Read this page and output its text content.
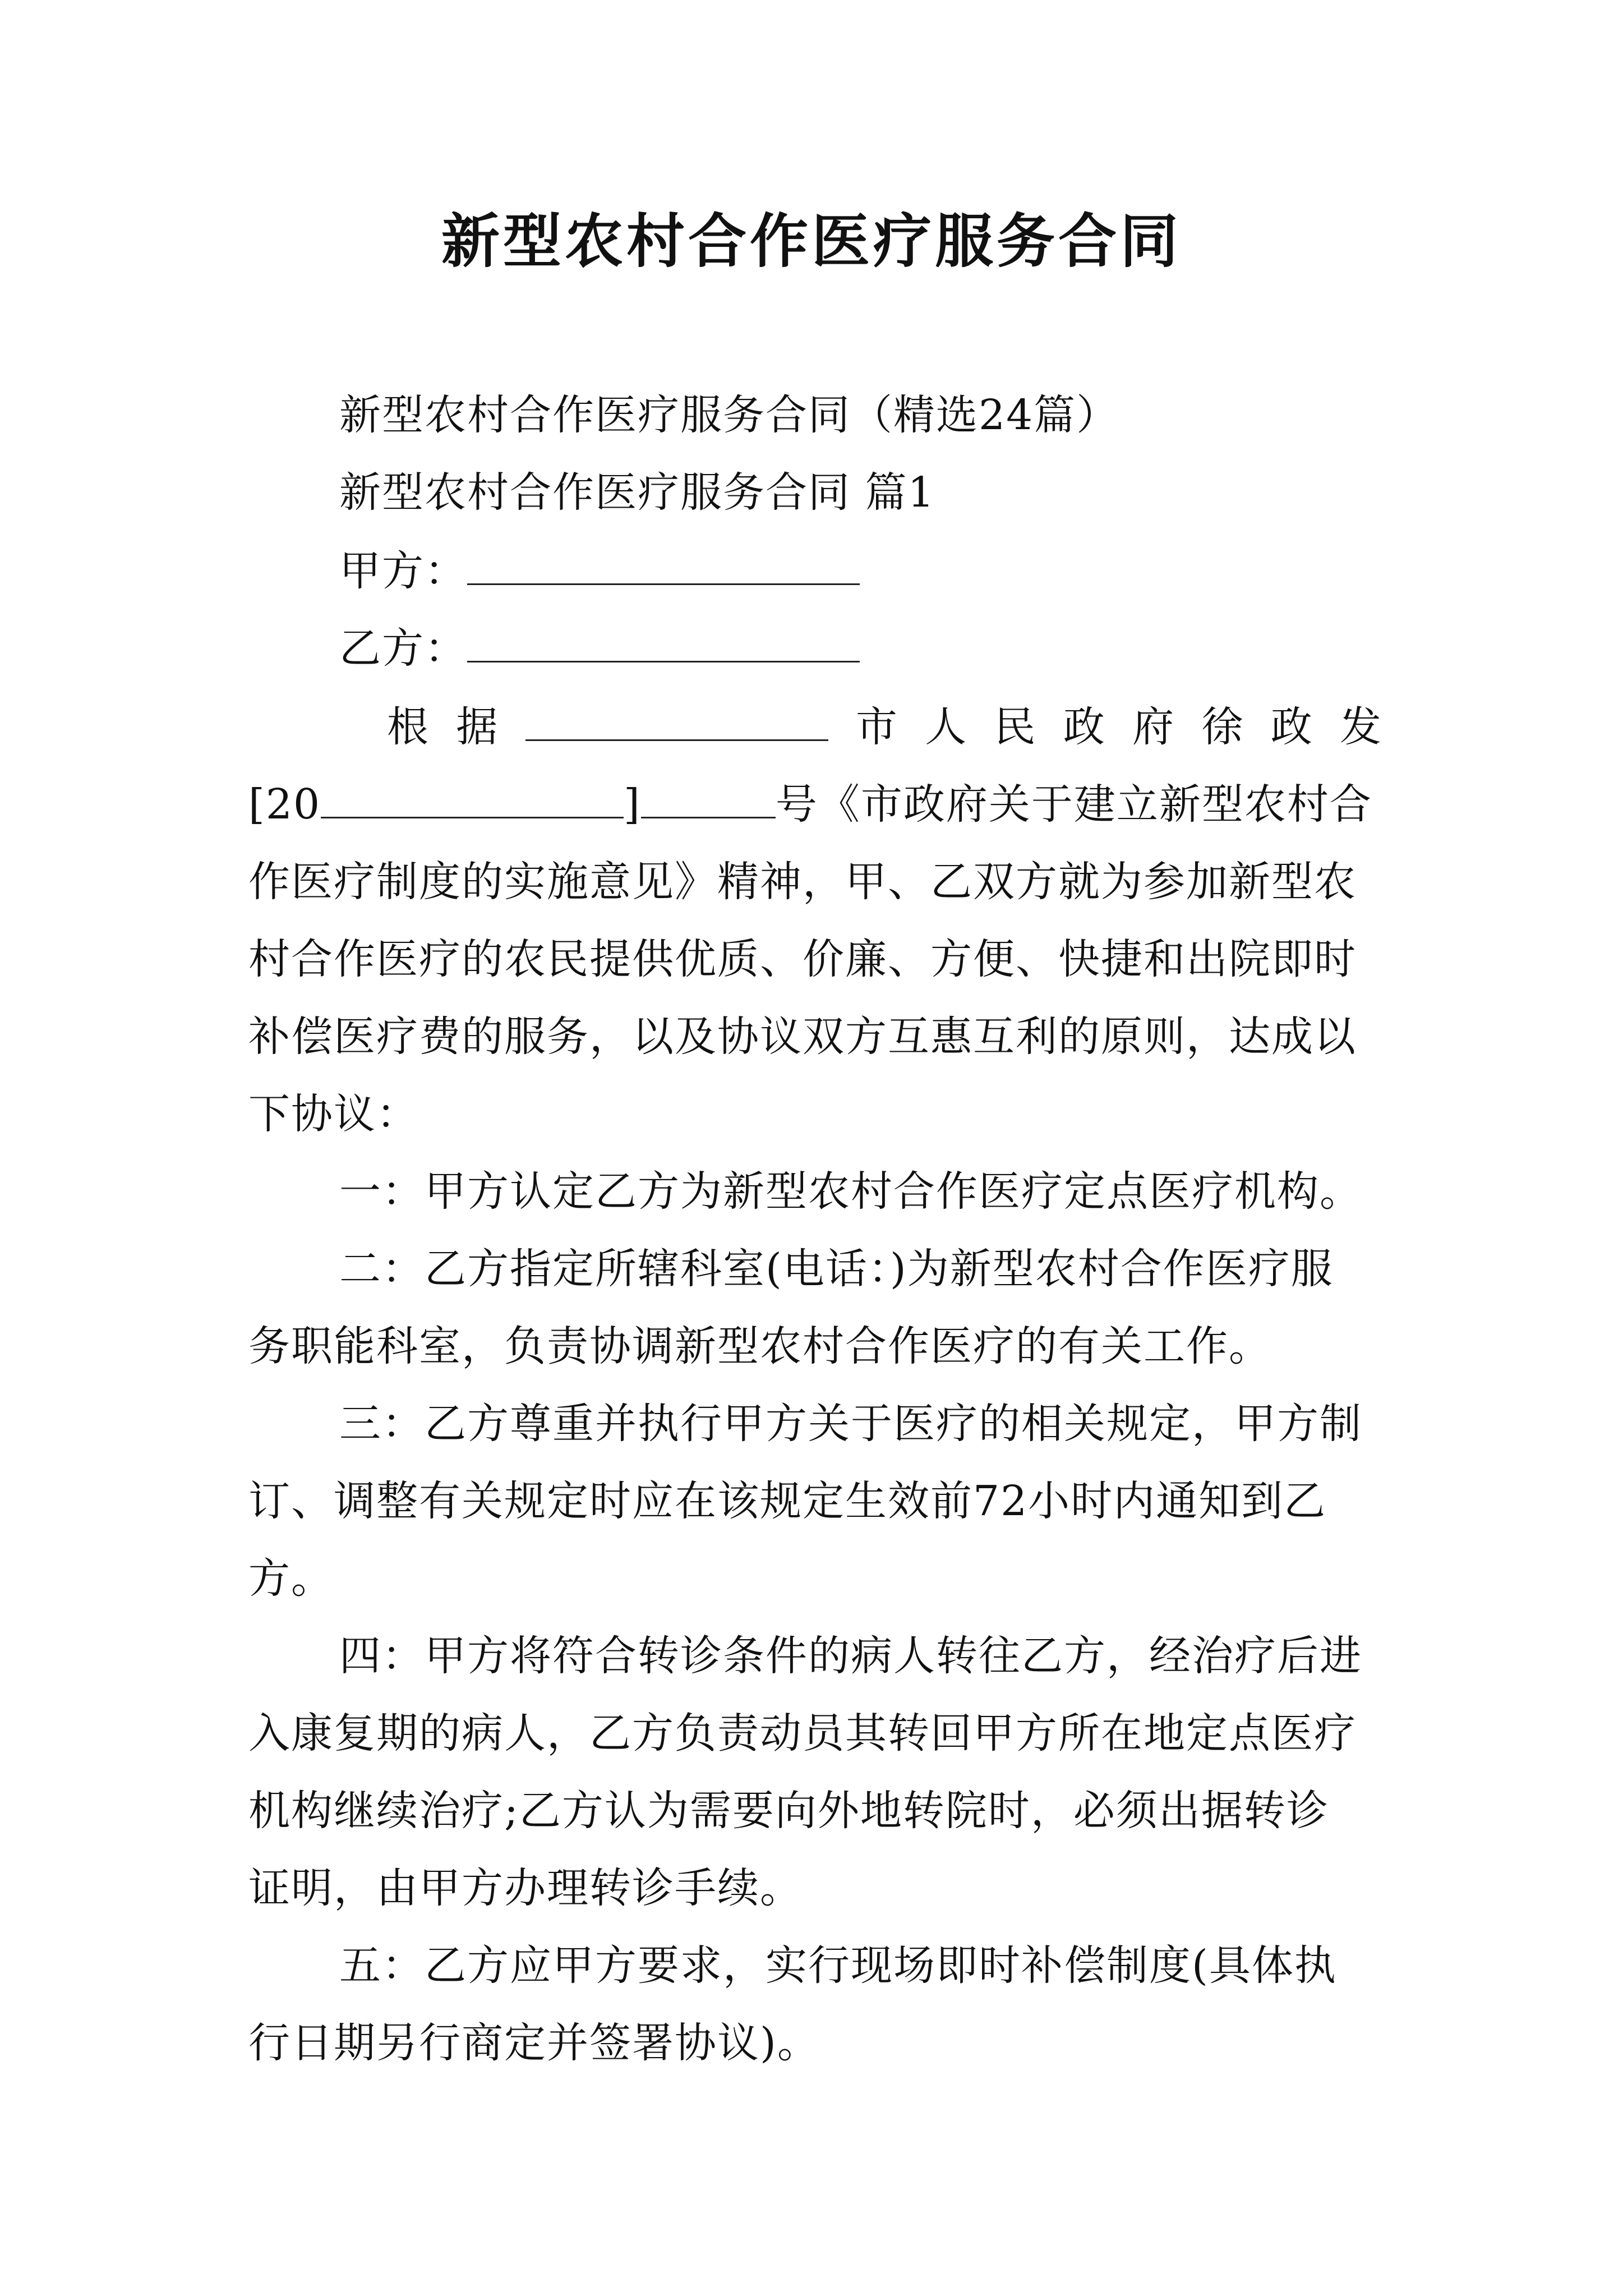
新型农村合作医疗服务合同
新型农村合作医疗服务合同（精选24篇）
新型农村合作医疗服务合同 篇1
甲方：
乙方：
根 据	市 人 民 政 府 徐 政 发
[20	]	号《市政府关于建立新型农村合
作医疗制度的实施意见》精神，甲、乙双方就为参加新型农
村合作医疗的农民提供优质、价廉、方便、快捷和出院即时
补偿医疗费的服务，以及协议双方互惠互利的原则，达成以
下协议：
一：甲方认定乙方为新型农村合作医疗定点医疗机构。
二：乙方指定所辖科室(电话：)为新型农村合作医疗服
务职能科室，负责协调新型农村合作医疗的有关工作。
三：乙方尊重并执行甲方关于医疗的相关规定，甲方制
订、调整有关规定时应在该规定生效前72小时内通知到乙
方。
四：甲方将符合转诊条件的病人转往乙方，经治疗后进
入康复期的病人，乙方负责动员其转回甲方所在地定点医疗
机构继续治疗;乙方认为需要向外地转院时，必须出据转诊
证明，由甲方办理转诊手续。
五：乙方应甲方要求，实行现场即时补偿制度(具体执
行日期另行商定并签署协议)。
